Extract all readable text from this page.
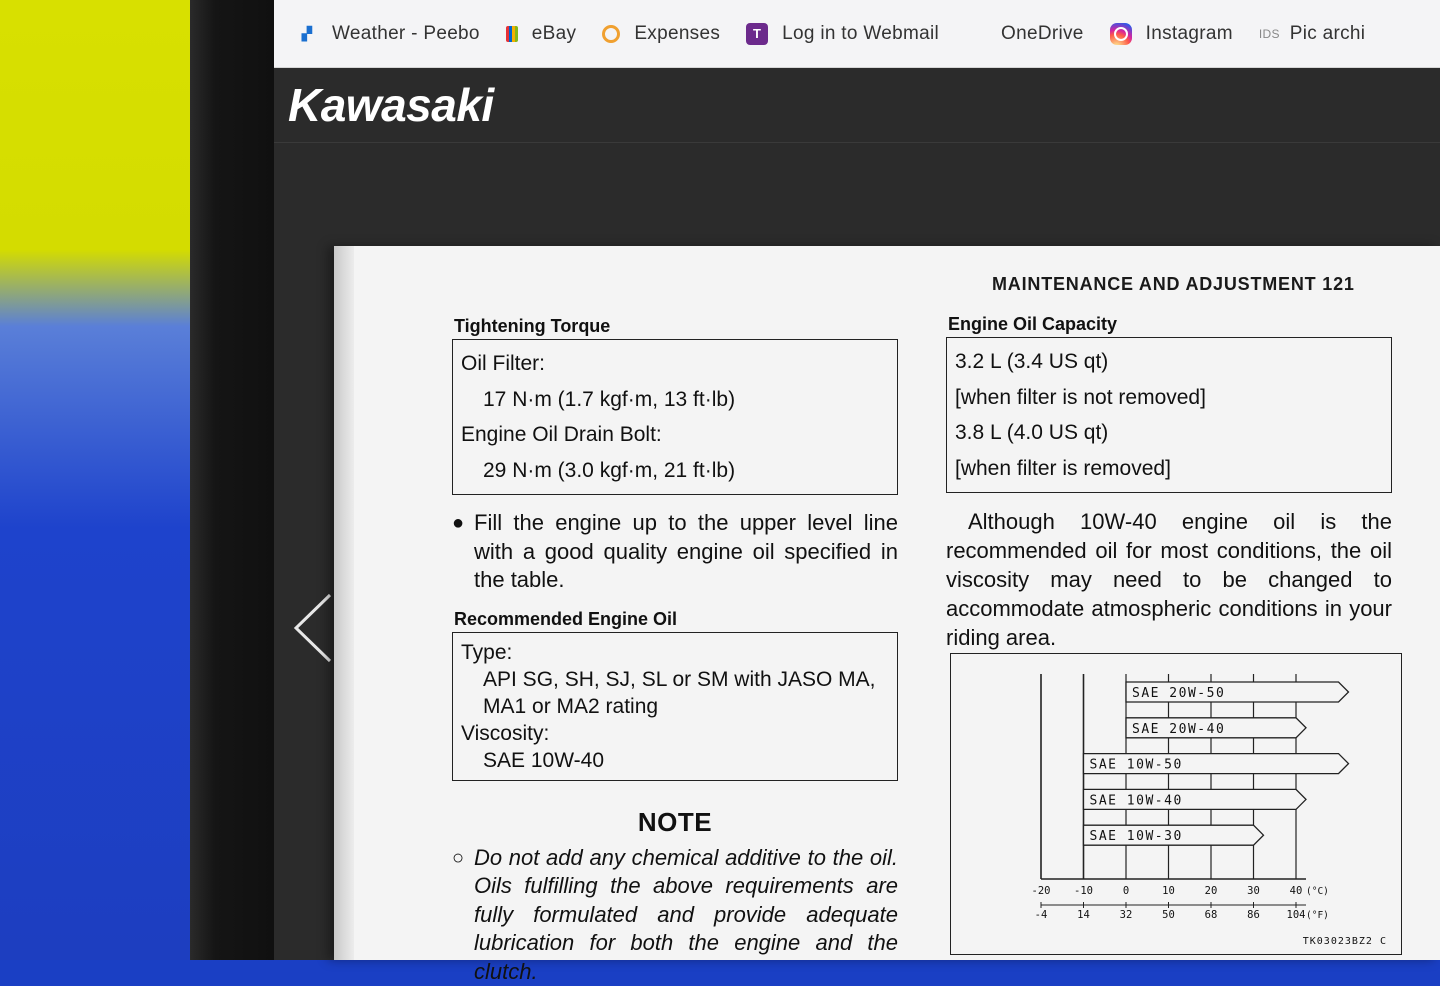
▞	Weather - Peebo	eBay	Expenses	T	Log in to Webmail	OneDrive	Instagram IDS Pic archi
Kawasaki
MAINTENANCE AND ADJUSTMENT 121
Tightening Torque
Oil Filter:
17 N·m (1.7 kgf·m, 13 ft·lb)
Engine Oil Drain Bolt:
29 N·m (3.0 kgf·m, 21 ft·lb)
● Fill the engine up to the upper level line with a good quality engine oil specified in the table.
Recommended Engine Oil
Type:
API SG, SH, SJ, SL or SM with JASO MA, MA1 or MA2 rating
Viscosity:
SAE 10W-40
NOTE
○ Do not add any chemical additive to the oil. Oils fulfilling the above requirements are fully formulated and provide adequate lubrication for both the engine and the clutch.
Engine Oil Capacity
3.2 L (3.4 US qt)
[when filter is not removed]
3.8 L (4.0 US qt)
[when filter is removed]
Although 10W-40 engine oil is the recommended oil for most conditions, the oil viscosity may need to be changed to accommodate atmospheric conditions in your riding area.
SAE 20W-50
SAE 20W-40
SAE 10W-50
SAE 10W-40
SAE 10W-30
-20 -10	0	10	20	30	40 (°C)
-4	14	32	50	68	86	104 (°F)
TK03023BZ2 C
